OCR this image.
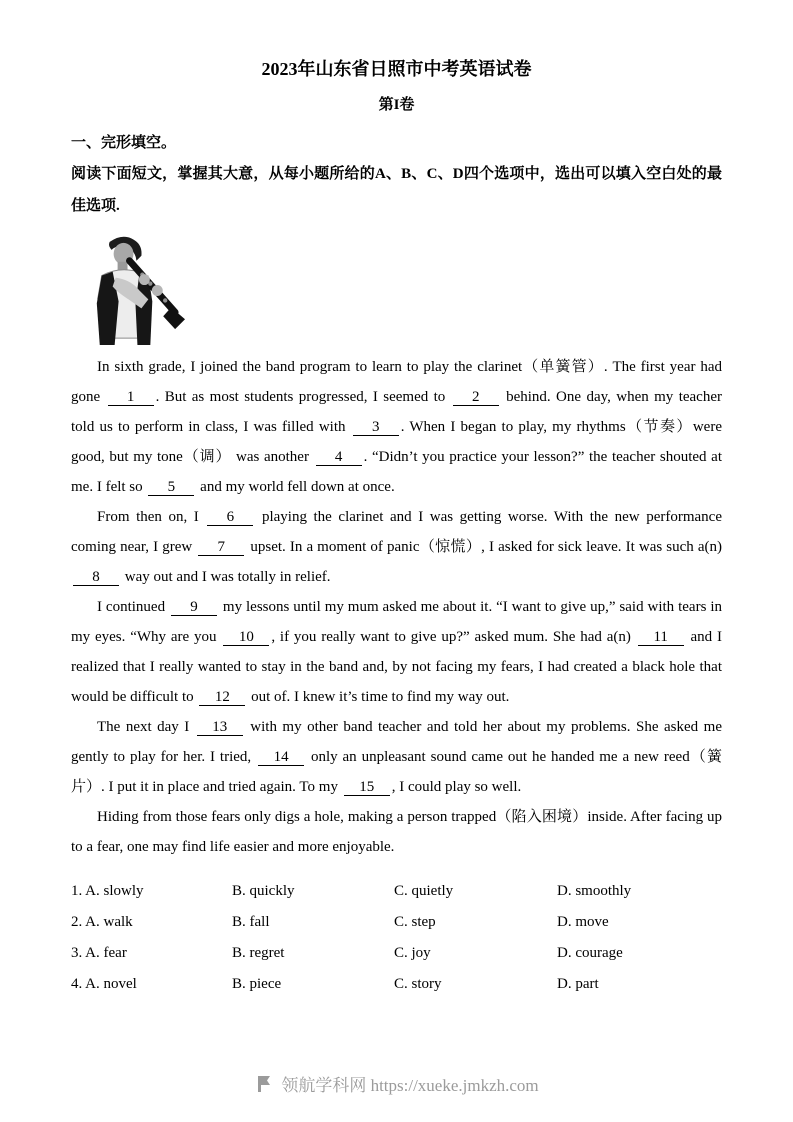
2023年山东省日照市中考英语试卷
第I卷
一、完形填空。
阅读下面短文，掌握其大意，从每小题所给的A、B、C、D四个选项中，选出可以填入空白处的最佳选项.

In sixth grade, I joined the band program to learn to play the clarinet（单簧管）. The first year had gone 1 . But as most students progressed, I seemed to 2 behind. One day, when my teacher told us to perform in class, I was filled with 3 . When I began to play, my rhythms（节奏）were good, but my tone（调） was another 4 . “Didn’t you practice your lesson?” the teacher shouted at me. I felt so 5 and my world fell down at once.

From then on, I 6 playing the clarinet and I was getting worse. With the new performance coming near, I grew 7 upset. In a moment of panic（惊慌）, I asked for sick leave. It was such a(n) 8 way out and I was totally in relief.

I continued 9 my lessons until my mum asked me about it. “I want to give up,” said with tears in my eyes. “Why are you 10 , if you really want to give up?” asked mum. She had a(n) 11 and I realized that I really wanted to stay in the band and, by not facing my fears, I had created a black hole that would be difficult to 12 out of. I knew it’s time to find my way out.

The next day I 13 with my other band teacher and told her about my problems. She asked me gently to play for her. I tried, 14 only an unpleasant sound came out he handed me a new reed（簧片）. I put it in place and tried again. To my 15 , I could play so well.

Hiding from those fears only digs a hole, making a person trapped（陷入困境）inside. After facing up to a fear, one may find life easier and more enjoyable.

1. A. slowly	B. quickly	C. quietly	D. smoothly
2. A. walk	B. fall	C. step	D. move
3. A. fear	B. regret	C. joy	D. courage
4. A. novel	B. piece	C. story	D. part
领航学科网 https://xueke.jmkzh.com
